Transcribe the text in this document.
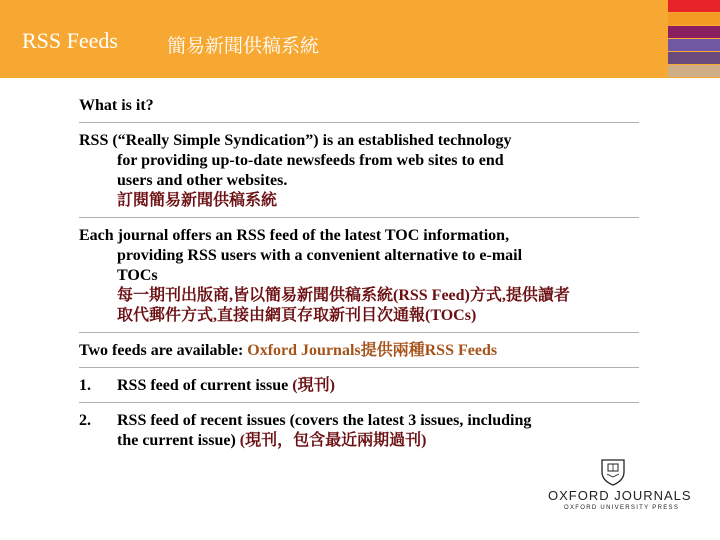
RSS Feeds	簡易新聞供稿系統

What is it?

RSS (“Really Simple Syndication”) is an established technology
for providing up-to-date newsfeeds from web sites to end
users and other websites.
訂閱簡易新聞供稿系統

Each journal offers an RSS feed of the latest TOC information,
providing RSS users with a convenient alternative to e-mail
TOCs
每一期刊出版商,皆以簡易新聞供稿系統(RSS Feed)方式,提供讀者
取代郵件方式,直接由網頁存取新刊目次通報(TOCs)

Two feeds are available: Oxford Journals提供兩種RSS Feeds

1. RSS feed of current issue (現刊)

2. RSS feed of recent issues (covers the latest 3 issues, including
the current issue) (現刊，包含最近兩期過刊)

OXFORD JOURNALS
OXFORD UNIVERSITY PRESS
